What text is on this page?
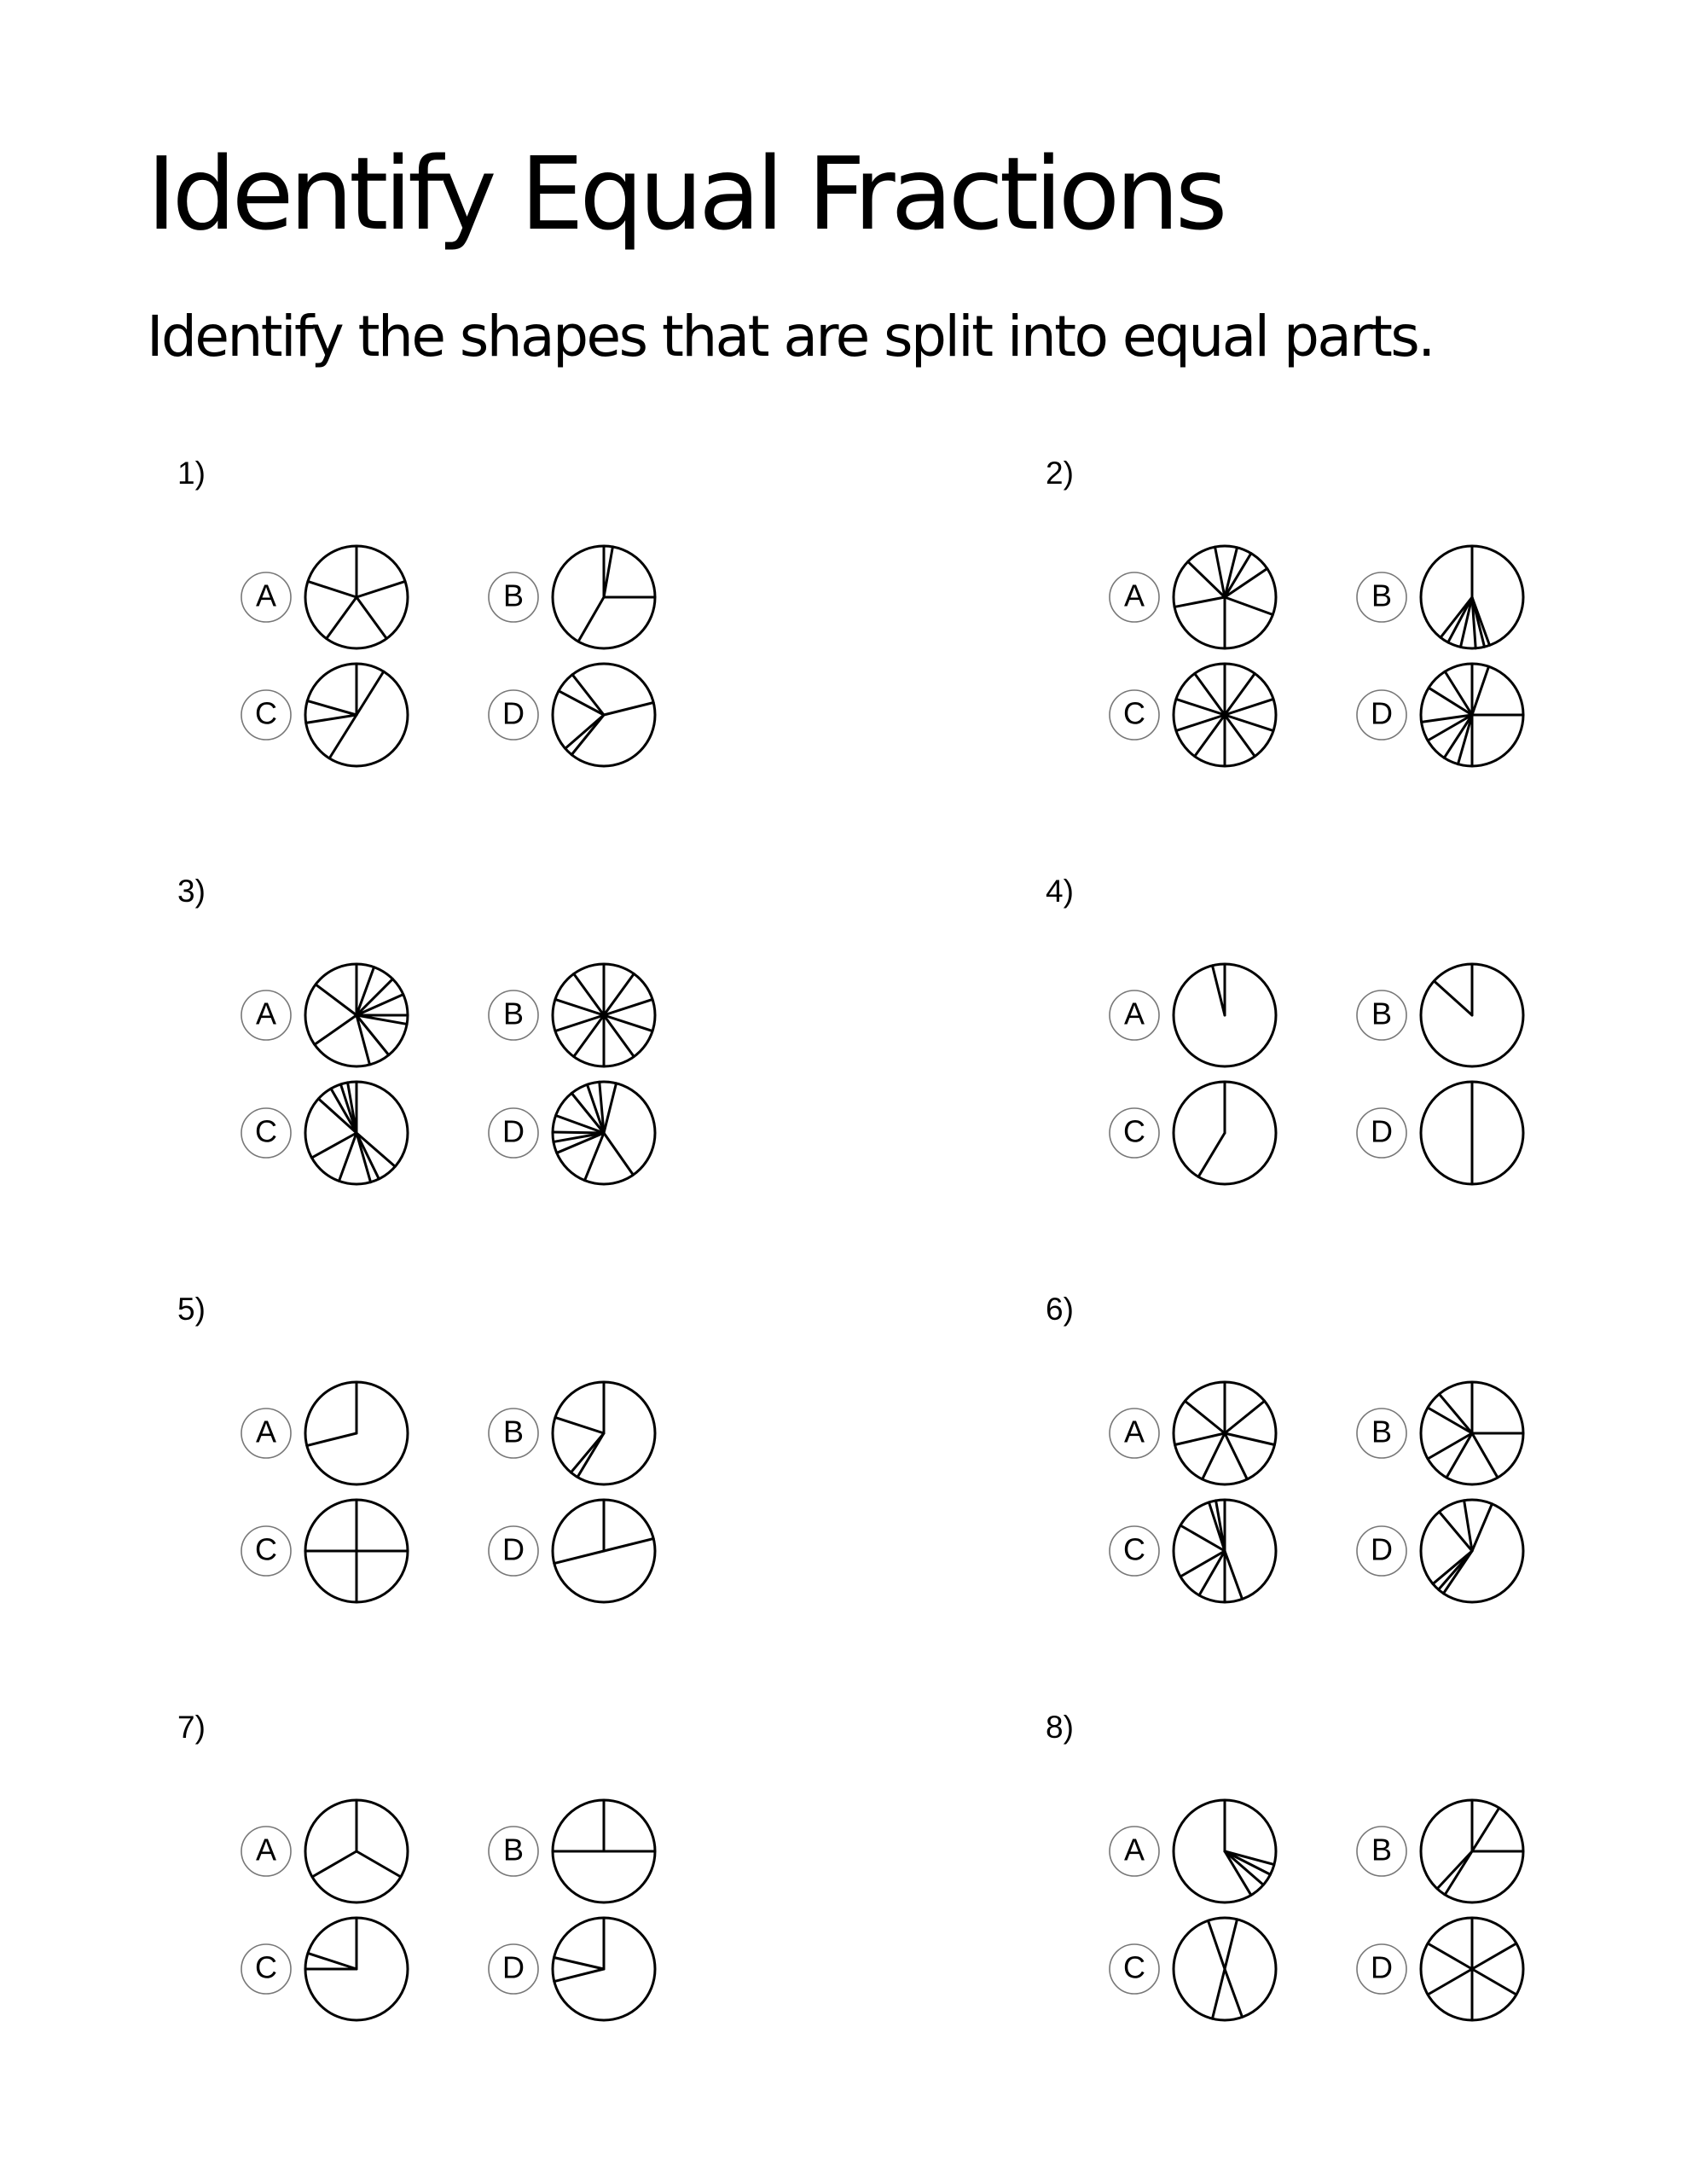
Identify Equal Fractions

Identify the shapes that are split into equal parts.

1)
A	B
C	D
2)
A	B
C	D
3)
A	B
C	D
4)
A	B
C	D
5)
A	B
C	D
6)
A	B
C	D
7)
A	B
C	D
8)
A	B
C	D
